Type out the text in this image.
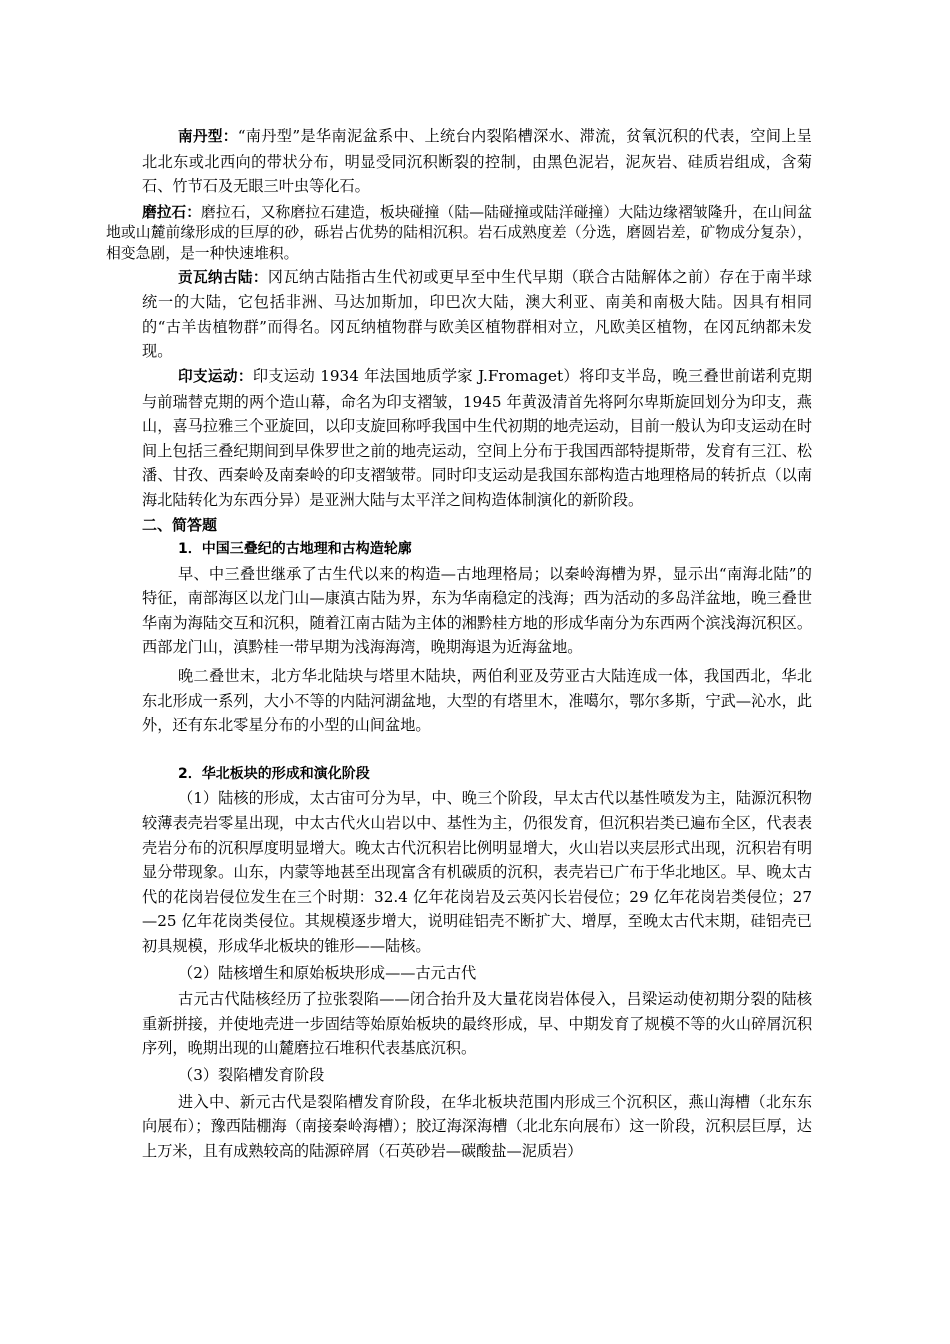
南丹型：“南丹型”是华南泥盆系中、上统台内裂陷槽深水、滞流，贫氧沉积的代表，空间上呈北北东或北西向的带状分布，明显受同沉积断裂的控制，由黑色泥岩，泥灰岩、硅质岩组成，含菊石、竹节石及无眼三叶虫等化石。

磨拉石：磨拉石，又称磨拉石建造，板块碰撞（陆—陆碰撞或陆洋碰撞）大陆边缘褶皱隆升，在山间盆地或山麓前缘形成的巨厚的砂，砾岩占优势的陆相沉积。岩石成熟度差（分选，磨圆岩差，矿物成分复杂），相变急剧，是一种快速堆积。

贡瓦纳古陆：冈瓦纳古陆指古生代初或更早至中生代早期（联合古陆解体之前）存在于南半球统一的大陆，它包括非洲、马达加斯加，印巴次大陆，澳大利亚、南美和南极大陆。因具有相同的“古羊齿植物群”而得名。冈瓦纳植物群与欧美区植物群相对立，凡欧美区植物，在冈瓦纳都未发现。

印支运动：印支运动 1934 年法国地质学家 J.Fromaget）将印支半岛，晚三叠世前诺利克期与前瑞替克期的两个造山幕，命名为印支褶皱，1945 年黄汲清首先将阿尔卑斯旋回划分为印支，燕山，喜马拉雅三个亚旋回，以印支旋回称呼我国中生代初期的地壳运动，目前一般认为印支运动在时间上包括三叠纪期间到早侏罗世之前的地壳运动，空间上分布于我国西部特提斯带，发育有三江、松潘、甘孜、西秦岭及南秦岭的印支褶皱带。同时印支运动是我国东部构造古地理格局的转折点（以南海北陆转化为东西分异）是亚洲大陆与太平洋之间构造体制演化的新阶段。

二、简答题

1．中国三叠纪的古地理和古构造轮廓

早、中三叠世继承了古生代以来的构造—古地理格局；以秦岭海槽为界，显示出“南海北陆”的特征，南部海区以龙门山—康滇古陆为界，东为华南稳定的浅海；西为活动的多岛洋盆地，晚三叠世华南为海陆交互和沉积，随着江南古陆为主体的湘黔桂方地的形成华南分为东西两个滨浅海沉积区。西部龙门山，滇黔桂一带早期为浅海海湾，晚期海退为近海盆地。

晚二叠世末，北方华北陆块与塔里木陆块，两伯利亚及劳亚古大陆连成一体，我国西北，华北东北形成一系列，大小不等的内陆河湖盆地，大型的有塔里木，准噶尔，鄂尔多斯，宁武—沁水，此外，还有东北零星分布的小型的山间盆地。

2．华北板块的形成和演化阶段

（1）陆核的形成，太古宙可分为早，中、晚三个阶段，早太古代以基性喷发为主，陆源沉积物较薄表壳岩零星出现，中太古代火山岩以中、基性为主，仍很发育，但沉积岩类已遍布全区，代表表壳岩分布的沉积厚度明显增大。晚太古代沉积岩比例明显增大，火山岩以夹层形式出现，沉积岩有明显分带现象。山东，内蒙等地甚至出现富含有机碳质的沉积，表壳岩已广布于华北地区。早、晚太古代的花岗岩侵位发生在三个时期：32.4 亿年花岗岩及云英闪长岩侵位；29 亿年花岗岩类侵位；27—25 亿年花岗类侵位。其规模逐步增大，说明硅铝壳不断扩大、增厚，至晚太古代末期，硅铝壳已初具规模，形成华北板块的锥形——陆核。

（2）陆核增生和原始板块形成——古元古代

古元古代陆核经历了拉张裂陷——闭合抬升及大量花岗岩体侵入，吕梁运动使初期分裂的陆核重新拼接，并使地壳进一步固结等始原始板块的最终形成，早、中期发育了规模不等的火山碎屑沉积序列，晚期出现的山麓磨拉石堆积代表基底沉积。

（3）裂陷槽发育阶段

进入中、新元古代是裂陷槽发育阶段，在华北板块范围内形成三个沉积区，燕山海槽（北东东向展布）；豫西陆棚海（南接秦岭海槽）；胶辽海深海槽（北北东向展布）这一阶段，沉积层巨厚，达上万米，且有成熟较高的陆源碎屑（石英砂岩—碳酸盐—泥质岩）
